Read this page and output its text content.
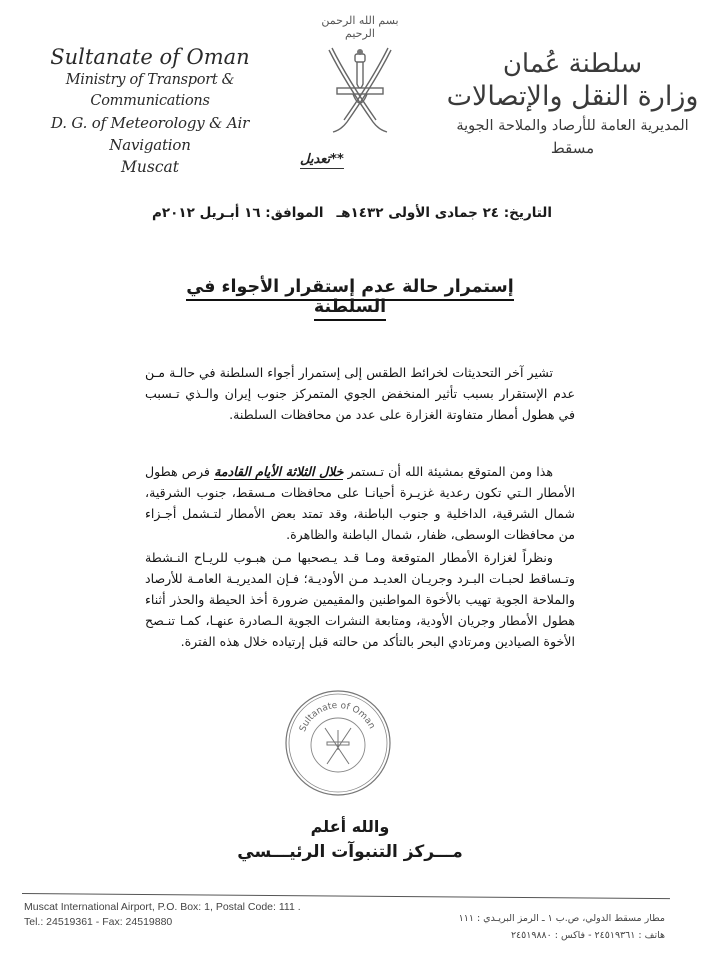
Sultanate of Oman
Ministry of Transport & Communications
D. G. of Meteorology & Air Navigation
Muscat
بسم الله الرحمن الرحيم
**تعديل
سلطنة عُمان
وزارة النقل والإتصالات
المديرية العامة للأرصاد والملاحة الجوية
مسقط
التاريخ: ٢٤ جمادى الأولى ١٤٣٢هـ
الموافق: ١٦ أبـريل ٢٠١٢م
إستمرار حالة عدم إستقرار الأجواء في السلطنة
تشير آخر التحديثات لخرائط الطقس إلى إستمرار أجواء السلطنة في حالـة مـن عدم الإستقرار بسبب تأثير المنخفض الجوي المتمركز جنوب إيران والـذي تـسبب في هطول أمطار متفاوتة الغزارة على عدد من محافظات السلطنة.
هذا ومن المتوقع بمشيئة الله أن تـستمر خلال الثلاثة الأيام القادمة فرص هطول الأمطار الـتي تكون رعدية غزيـرة أحيانـا على محافظات مـسقط، جنوب الشرقية، شمال الشرقية، الداخلية و جنوب الباطنة، وقد تمتد بعض الأمطار لتـشمل أجـزاء من محافظات الوسطى، ظفار، شمال الباطنة والظاهرة.
ونظراً لغزارة الأمطار المتوقعة ومـا قـد يـصحبها مـن هبـوب للريـاح النـشطة وتـساقط لحبـات البـرد وجريـان العديـد مـن الأوديـة؛ فـإن المديريـة العامـة للأرصاد والملاحة الجوية تهيب بالأخوة المواطنين والمقيمين ضرورة أخذ الحيطة والحذر أثناء هطول الأمطار وجريان الأودية، ومتابعة النشرات الجوية الـصادرة عنهـا، كمـا تنـصح الأخوة الصيادين ومرتادي البحر بالتأكد من حالته قبل إرتياده خلال هذه الفترة.
Sultanate of Oman
والله أعلم
مـــركز التنبوآت الرئيـــسي
Muscat International Airport, P.O. Box: 1, Postal Code: 111 .
Tel.: 24519361 - Fax: 24519880	مطار مسقط الدولي، ص.ب ١ ـ الرمز البريـدي : ١١١
هاتف : ٢٤٥١٩٣٦١ - فاكس : ٢٤٥١٩٨٨٠
